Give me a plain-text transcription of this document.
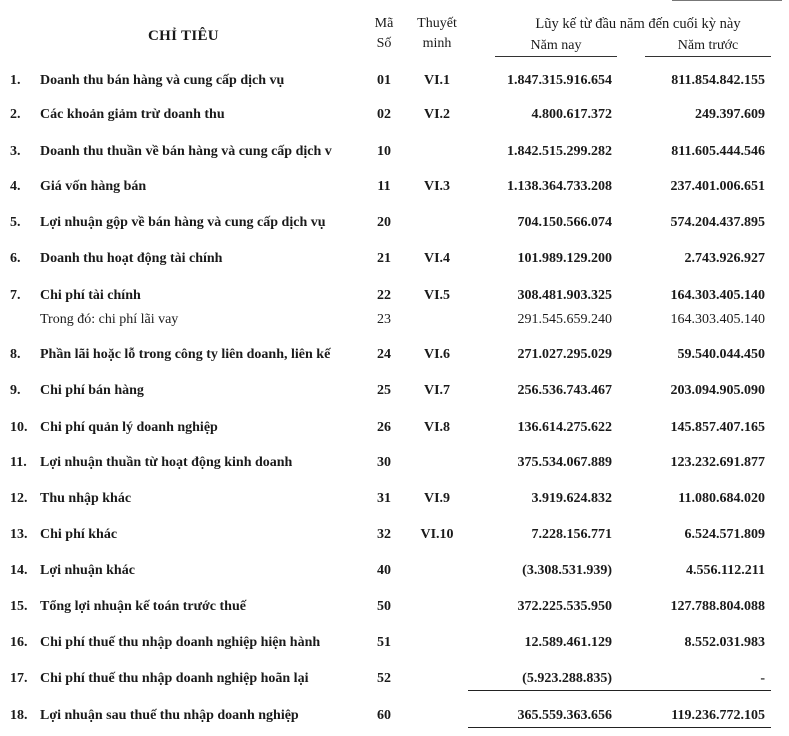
CHỈ TIÊU
Mã
Số
Thuyết
minh
Lũy kế từ đầu năm đến cuối kỳ này
Năm nay	Năm trước
1.	Doanh thu bán hàng và cung cấp dịch vụ	01	VI.1	1.847.315.916.654	811.854.842.155
2.	Các khoản giảm trừ doanh thu	02	VI.2	4.800.617.372	249.397.609
3.	Doanh thu thuần về bán hàng và cung cấp dịch v	10	1.842.515.299.282	811.605.444.546
4.	Giá vốn hàng bán	11	VI.3	1.138.364.733.208	237.401.006.651
5.	Lợi nhuận gộp về bán hàng và cung cấp dịch vụ	20	704.150.566.074	574.204.437.895
6.	Doanh thu hoạt động tài chính	21	VI.4	101.989.129.200	2.743.926.927
7.	Chi phí tài chính	22	VI.5	308.481.903.325	164.303.405.140
Trong đó: chi phí lãi vay	23	291.545.659.240	164.303.405.140
8.	Phần lãi hoặc lỗ trong công ty liên doanh, liên kế	24	VI.6	271.027.295.029	59.540.044.450
9.	Chi phí bán hàng	25	VI.7	256.536.743.467	203.094.905.090
10. Chi phí quản lý doanh nghiệp	26	VI.8	136.614.275.622	145.857.407.165
11. Lợi nhuận thuần từ hoạt động kinh doanh	30	375.534.067.889	123.232.691.877
12. Thu nhập khác	31	VI.9	3.919.624.832	11.080.684.020
13. Chi phí khác	32	VI.10	7.228.156.771	6.524.571.809
14. Lợi nhuận khác	40	(3.308.531.939)	4.556.112.211
15. Tổng lợi nhuận kế toán trước thuế	50	372.225.535.950	127.788.804.088
16. Chi phí thuế thu nhập doanh nghiệp hiện hành	51	12.589.461.129	8.552.031.983
17. Chi phí thuế thu nhập doanh nghiệp hoãn lại	52	(5.923.288.835)	-
18. Lợi nhuận sau thuế thu nhập doanh nghiệp	60	365.559.363.656	119.236.772.105
